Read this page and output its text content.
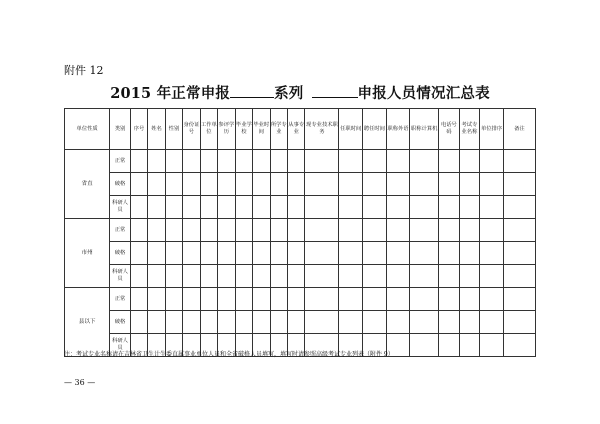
附件 12
2015 年正常申报	系列	申报人员情况汇总表
单位性质	类别	序号	姓名	性别	身份证号	工作单位	参评学历	毕业学校	毕业时间	所学专业	从事专业	现专业技术职务	任职时间	聘任时间	职称外语	职称计算机	电话号码	考试专业名称	单位排序	备注
省直	正常																			
	破格																			
	科研人员																			
市州	正常																			
	破格																			
	科研人员																			
县以下	正常																			
	破格																			
	科研人员																			
注：考试专业名称请在吉林省卫生计生委直属事业单位人员和全省破格人员填写，填写时请参照高级考试专业列表（附件 9）
— 36 —
